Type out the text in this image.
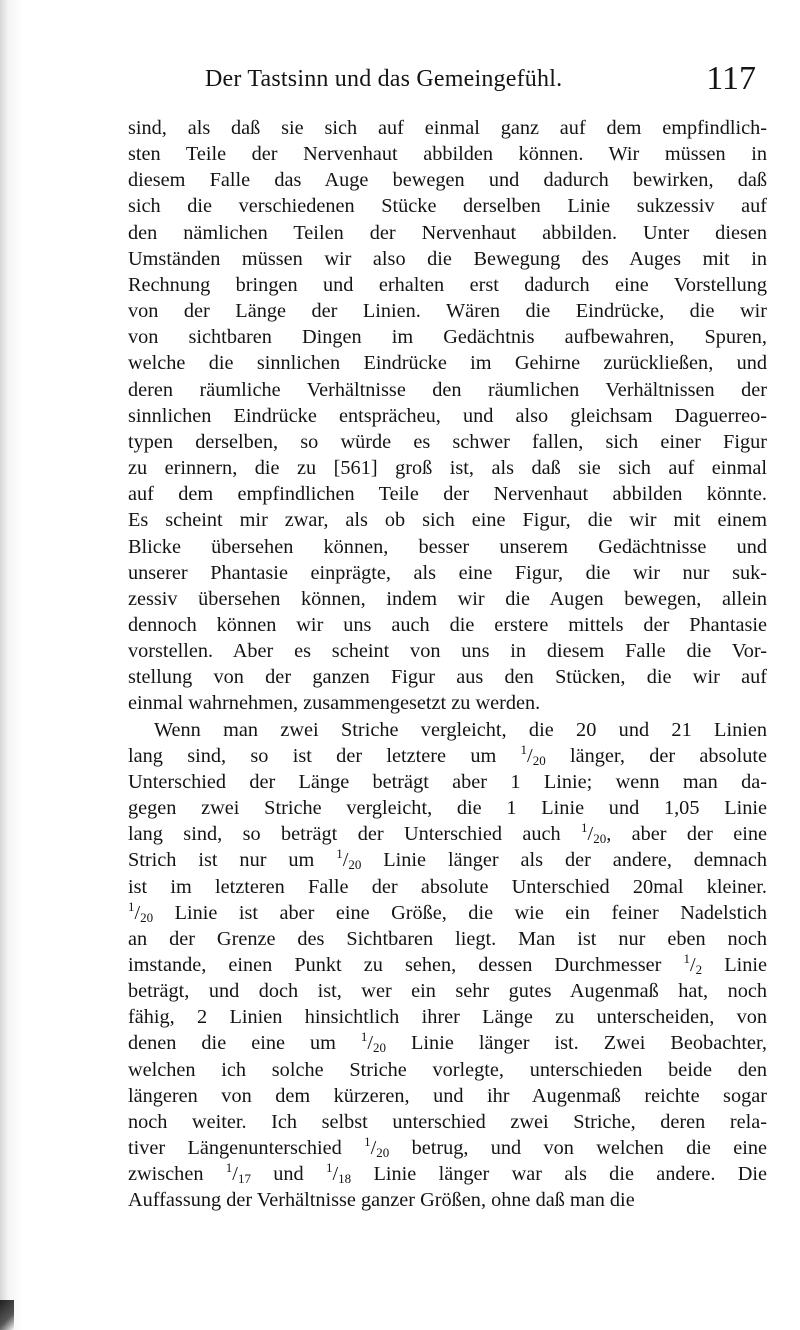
Der Tastsinn und das Gemeingefühl.	117
sind, als daß sie sich auf einmal ganz auf dem empfindlich-
sten Teile der Nervenhaut abbilden können. Wir müssen in
diesem Falle das Auge bewegen und dadurch bewirken, daß
sich die verschiedenen Stücke derselben Linie sukzessiv auf
den nämlichen Teilen der Nervenhaut abbilden. Unter diesen
Umständen müssen wir also die Bewegung des Auges mit in
Rechnung bringen und erhalten erst dadurch eine Vorstellung
von der Länge der Linien. Wären die Eindrücke, die wir
von sichtbaren Dingen im Gedächtnis aufbewahren, Spuren,
welche die sinnlichen Eindrücke im Gehirne zurückließen, und
deren räumliche Verhältnisse den räumlichen Verhältnissen der
sinnlichen Eindrücke entsprächeu, und also gleichsam Daguerreo-
typen derselben, so würde es schwer fallen, sich einer Figur
zu erinnern, die zu [561] groß ist, als daß sie sich auf einmal
auf dem empfindlichen Teile der Nervenhaut abbilden könnte.
Es scheint mir zwar, als ob sich eine Figur, die wir mit einem
Blicke übersehen können, besser unserem Gedächtnisse und
unserer Phantasie einprägte, als eine Figur, die wir nur suk-
zessiv übersehen können, indem wir die Augen bewegen, allein
dennoch können wir uns auch die erstere mittels der Phantasie
vorstellen. Aber es scheint von uns in diesem Falle die Vor-
stellung von der ganzen Figur aus den Stücken, die wir auf
einmal wahrnehmen, zusammengesetzt zu werden.
Wenn man zwei Striche vergleicht, die 20 und 21 Linien
lang sind, so ist der letztere um $^1/_{20}$ länger, der absolute
Unterschied der Länge beträgt aber 1 Linie; wenn man da-
gegen zwei Striche vergleicht, die 1 Linie und 1,05 Linie
lang sind, so beträgt der Unterschied auch $^1/_{20}$, aber der eine
Strich ist nur um $^1/_{20}$ Linie länger als der andere, demnach
ist im letzteren Falle der absolute Unterschied 20mal kleiner.
$^1/_{20}$ Linie ist aber eine Größe, die wie ein feiner Nadelstich
an der Grenze des Sichtbaren liegt. Man ist nur eben noch
imstande, einen Punkt zu sehen, dessen Durchmesser $^1/_2$ Linie
beträgt, und doch ist, wer ein sehr gutes Augenmaß hat, noch
fähig, 2 Linien hinsichtlich ihrer Länge zu unterscheiden, von
denen die eine um $^1/_{20}$ Linie länger ist. Zwei Beobachter,
welchen ich solche Striche vorlegte, unterschieden beide den
längeren von dem kürzeren, und ihr Augenmaß reichte sogar
noch weiter. Ich selbst unterschied zwei Striche, deren rela-
tiver Längenunterschied $^1/_{20}$ betrug, und von welchen die eine
zwischen $^1/_{17}$ und $^1/_{18}$ Linie länger war als die andere. Die
Auffassung der Verhältnisse ganzer Größen, ohne daß man die
